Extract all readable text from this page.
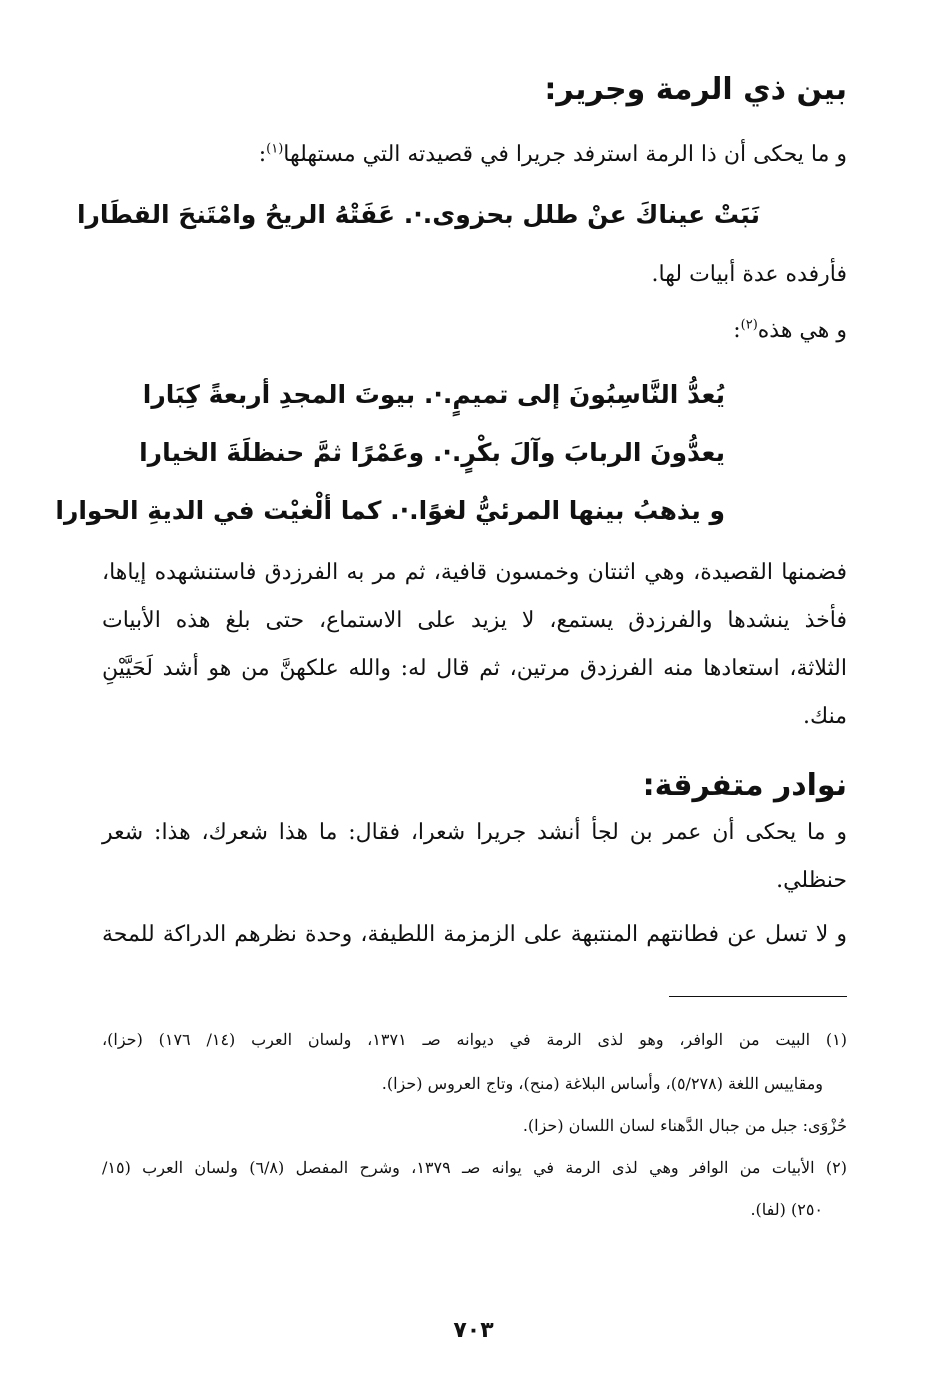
بين ذي الرمة وجرير:
و ما يحكى أن ذا الرمة استرفد جريرا في قصيدته التي مستهلها$^{(١)}$:
نَبَتْ عيناكَ عنْ طلل بحزوى.·. عَفَتْهُ الريحُ وامْتَنحَ القطَارا
فأرفده عدة أبيات لها.
و هي هذه$^{(٢)}$:
يُعدُّ النَّاسِبُونَ إلى تميمٍ.·. بيوتَ المجدِ أربعةً كِبَارا
يعدُّونَ الربابَ وآلَ بكْرٍ.·. وعَمْرًا ثمَّ حنظلَةَ الخيارا
و يذهبُ بينها المرئيُّ لغوًا.·. كما ألْغيْت في الديةِ الحوارا
فضمنها القصيدة، وهي اثنتان وخمسون قافية، ثم مر به الفرزدق فاستنشهده إياها،
فأخذ ينشدها والفرزدق يستمع، لا يزيد على الاستماع، حتى بلغ هذه الأبيات
الثلاثة، استعادها منه الفرزدق مرتين، ثم قال له: والله علكهنَّ من هو أشد لَحَيَّيْنِ
منك.
نوادر متفرقة:
و ما يحكى أن عمر بن لجأ أنشد جريرا شعرا، فقال: ما هذا شعرك، هذا: شعر
حنظلي.
و لا تسل عن فطانتهم المنتبهة على الزمزمة اللطيفة، وحدة نظرهم الدراكة للمحة
(١) البيت من الوافر، وهو لذى الرمة في ديوانه صـ ١٣٧١، ولسان العرب (١٤/ ١٧٦) (حزا)،
ومقاييس اللغة (٥/٢٧٨)، وأساس البلاغة (منح)، وتاج العروس (حزا).
حُزْوَى: جبل من جبال الدَّهناء لسان اللسان (حزا).
(٢) الأبيات من الوافر وهي لذى الرمة في يوانه صـ ١٣٧٩، وشرح المفصل (٦/٨) ولسان العرب (١٥/
٢٥٠) (لفا).
٧٠٣
